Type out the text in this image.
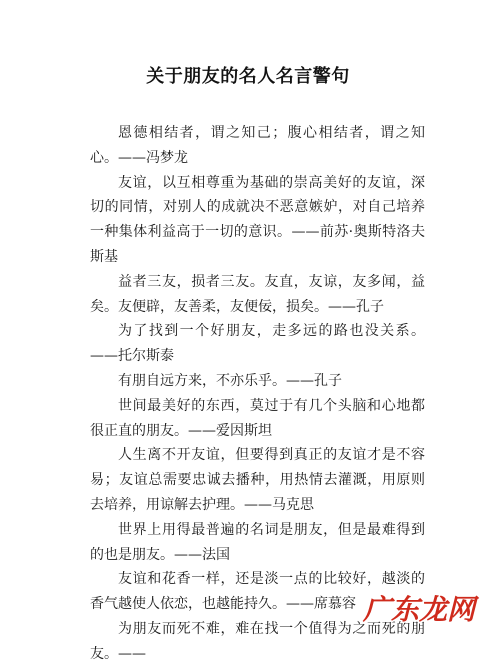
关于朋友的名人名言警句

恩德相结者，谓之知己；腹心相结者，谓之知心。——冯梦龙

友谊，以互相尊重为基础的崇高美好的友谊，深切的同情，对别人的成就决不恶意嫉妒，对自己培养一种集体利益高于一切的意识。——前苏·奥斯特洛夫斯基

益者三友，损者三友。友直，友谅，友多闻，益矣。友便辟，友善柔，友便佞，损矣。——孔子

为了找到一个好朋友，走多远的路也没关系。——托尔斯泰

有朋自远方来，不亦乐乎。——孔子

世间最美好的东西，莫过于有几个头脑和心地都很正直的朋友。——爱因斯坦

人生离不开友谊，但要得到真正的友谊才是不容易；友谊总需要忠诚去播种，用热情去灌溉，用原则去培养，用谅解去护理。——马克思

世界上用得最普遍的名词是朋友，但是最难得到的也是朋友。——法国

友谊和花香一样，还是淡一点的比较好，越淡的香气越使人依恋，也越能持久。——席慕容

为朋友而死不难，难在找一个值得为之而死的朋友。——

广东龙网
